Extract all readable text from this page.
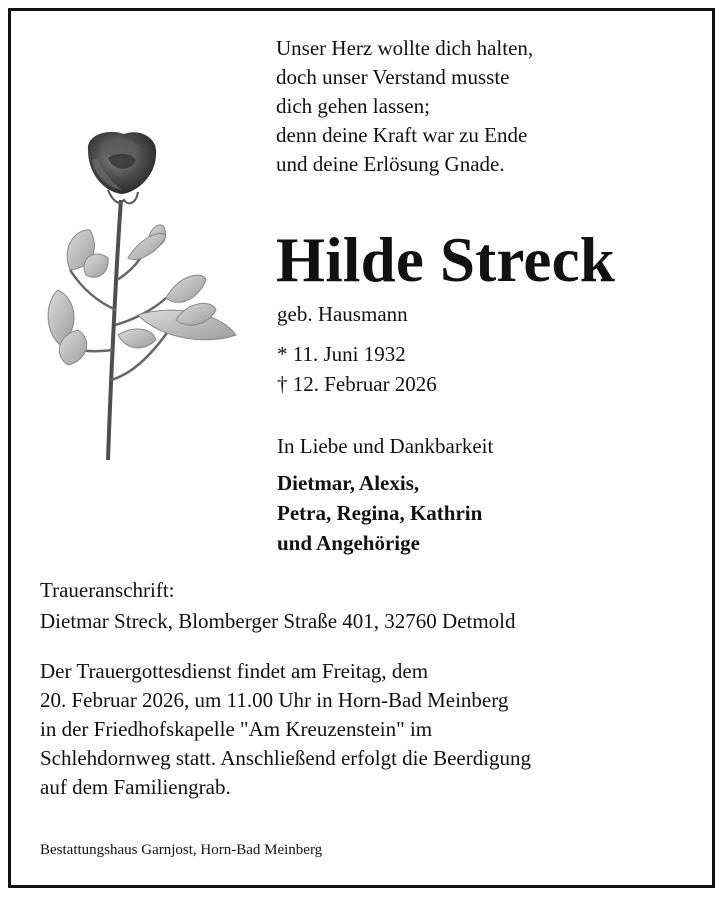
Unser Herz wollte dich halten,
doch unser Verstand musste
dich gehen lassen;
denn deine Kraft war zu Ende
und deine Erlösung Gnade.
Hilde Streck
geb. Hausmann
* 11. Juni 1932
† 12. Februar 2026
In Liebe und Dankbarkeit
Dietmar, Alexis,
Petra, Regina, Kathrin
und Angehörige
Traueranschrift:
Dietmar Streck, Blomberger Straße 401, 32760 Detmold
Der Trauergottesdienst findet am Freitag, dem
20. Februar 2026, um 11.00 Uhr in Horn-Bad Meinberg
in der Friedhofskapelle "Am Kreuzenstein" im
Schlehdornweg statt. Anschließend erfolgt die Beerdigung
auf dem Familiengrab.
Bestattungshaus Garnjost, Horn-Bad Meinberg
